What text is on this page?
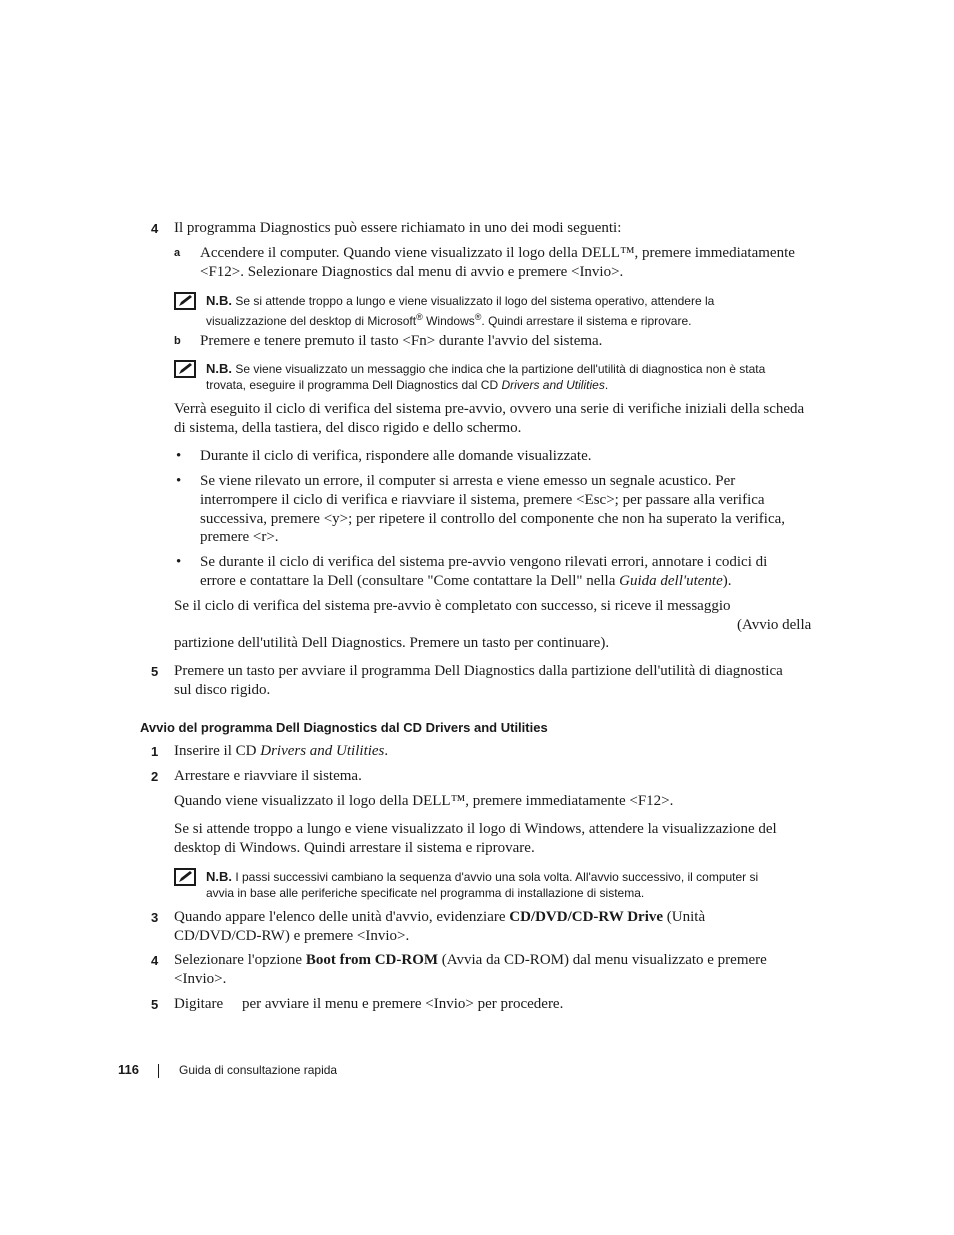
4 Il programma Diagnostics può essere richiamato in uno dei modi seguenti:
a Accendere il computer. Quando viene visualizzato il logo della DELL™, premere immediatamente
<F12>. Selezionare Diagnostics dal menu di avvio e premere <Invio>.
N.B. Se si attende troppo a lungo e viene visualizzato il logo del sistema operativo, attendere la
visualizzazione del desktop di Microsoft® Windows®. Quindi arrestare il sistema e riprovare.
b Premere e tenere premuto il tasto <Fn> durante l'avvio del sistema.
N.B. Se viene visualizzato un messaggio che indica che la partizione dell'utilità di diagnostica non è stata
trovata, eseguire il programma Dell Diagnostics dal CD Drivers and Utilities.
Verrà eseguito il ciclo di verifica del sistema pre-avvio, ovvero una serie di verifiche iniziali della scheda
di sistema, della tastiera, del disco rigido e dello schermo.
• Durante il ciclo di verifica, rispondere alle domande visualizzate.
• Se viene rilevato un errore, il computer si arresta e viene emesso un segnale acustico. Per
interrompere il ciclo di verifica e riavviare il sistema, premere <Esc>; per passare alla verifica
successiva, premere <y>; per ripetere il controllo del componente che non ha superato la verifica,
premere <r>.
• Se durante il ciclo di verifica del sistema pre-avvio vengono rilevati errori, annotare i codici di
errore e contattare la Dell (consultare "Come contattare la Dell" nella Guida dell'utente).
Se il ciclo di verifica del sistema pre-avvio è completato con successo, si riceve il messaggio
(Avvio della
partizione dell'utilità Dell Diagnostics. Premere un tasto per continuare).
5 Premere un tasto per avviare il programma Dell Diagnostics dalla partizione dell'utilità di diagnostica
sul disco rigido.
Avvio del programma Dell Diagnostics dal CD Drivers and Utilities
1 Inserire il CD Drivers and Utilities.
2 Arrestare e riavviare il sistema.
Quando viene visualizzato il logo della DELL™, premere immediatamente <F12>.
Se si attende troppo a lungo e viene visualizzato il logo di Windows, attendere la visualizzazione del
desktop di Windows. Quindi arrestare il sistema e riprovare.
N.B. I passi successivi cambiano la sequenza d'avvio una sola volta. All'avvio successivo, il computer si
avvia in base alle periferiche specificate nel programma di installazione di sistema.
3 Quando appare l'elenco delle unità d'avvio, evidenziare CD/DVD/CD-RW Drive (Unità
CD/DVD/CD-RW) e premere <Invio>.
4 Selezionare l'opzione Boot from CD-ROM (Avvia da CD-ROM) dal menu visualizzato e premere
<Invio>.
5 Digitare per avviare il menu e premere <Invio> per procedere.
116	Guida di consultazione rapida
